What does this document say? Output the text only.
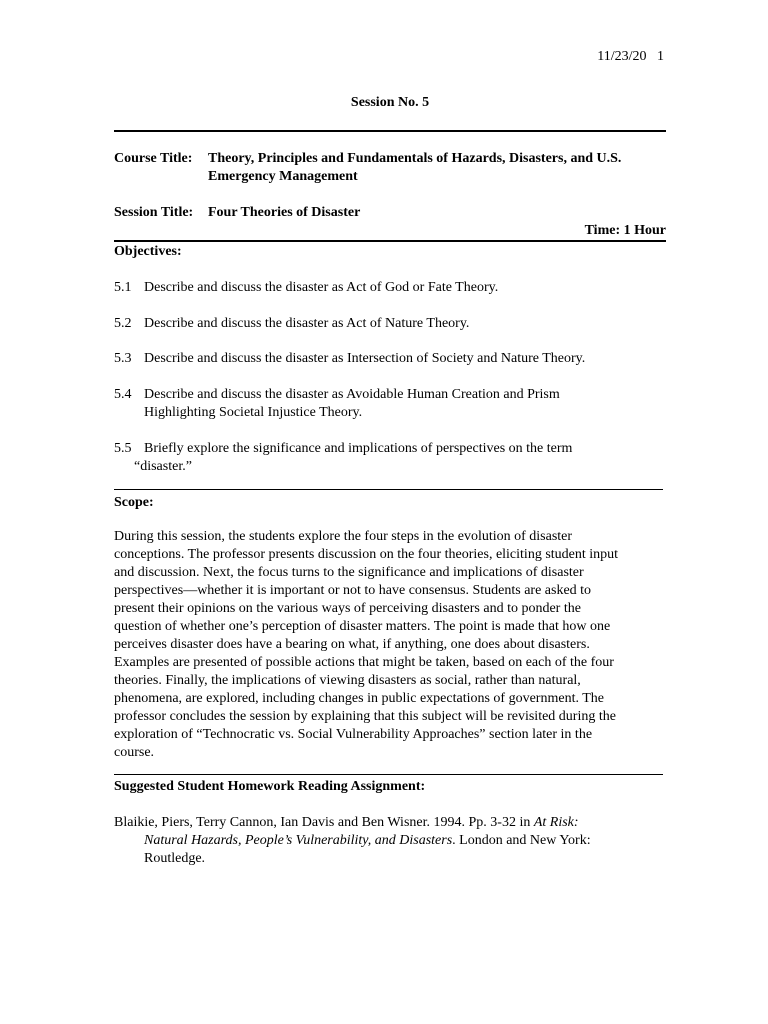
11/23/20 1
Session No. 5
Course Title: Theory, Principles and Fundamentals of Hazards, Disasters, and U.S.
Emergency Management
Session Title: Four Theories of Disaster
Time: 1 Hour
Objectives:
5.1 Describe and discuss the disaster as Act of God or Fate Theory.
5.2 Describe and discuss the disaster as Act of Nature Theory.
5.3 Describe and discuss the disaster as Intersection of Society and Nature Theory.
5.4 Describe and discuss the disaster as Avoidable Human Creation and Prism
Highlighting Societal Injustice Theory.
5.5 Briefly explore the significance and implications of perspectives on the term
“disaster.”
Scope:
During this session, the students explore the four steps in the evolution of disaster
conceptions. The professor presents discussion on the four theories, eliciting student input
and discussion. Next, the focus turns to the significance and implications of disaster
perspectives—whether it is important or not to have consensus. Students are asked to
present their opinions on the various ways of perceiving disasters and to ponder the
question of whether one’s perception of disaster matters. The point is made that how one
perceives disaster does have a bearing on what, if anything, one does about disasters.
Examples are presented of possible actions that might be taken, based on each of the four
theories. Finally, the implications of viewing disasters as social, rather than natural,
phenomena, are explored, including changes in public expectations of government. The
professor concludes the session by explaining that this subject will be revisited during the
exploration of “Technocratic vs. Social Vulnerability Approaches” section later in the
course.
Suggested Student Homework Reading Assignment:
Blaikie, Piers, Terry Cannon, Ian Davis and Ben Wisner. 1994. Pp. 3-32 in At Risk:
Natural Hazards, People’s Vulnerability, and Disasters. London and New York:
Routledge.
